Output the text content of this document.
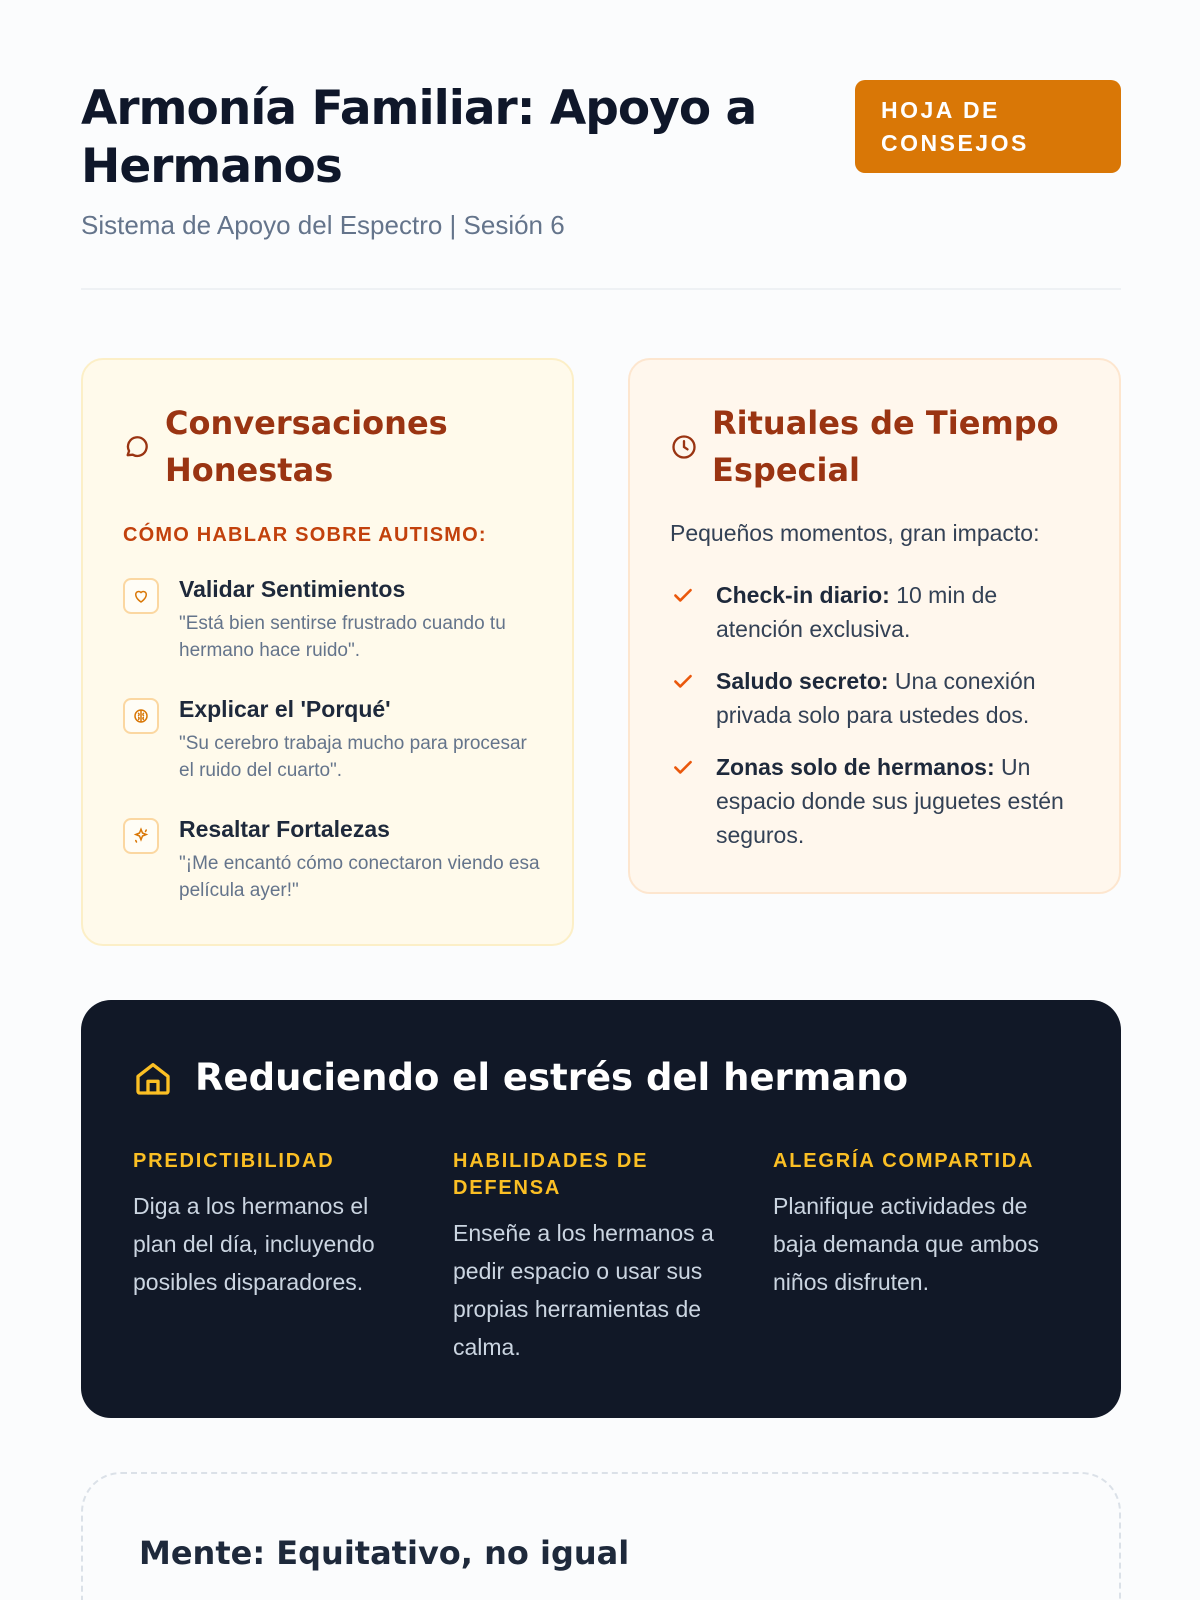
Armonía Familiar: Apoyo a Hermanos
Sistema de Apoyo del Espectro | Sesión 6
HOJA DE CONSEJOS
Conversaciones Honestas
CÓMO HABLAR SOBRE AUTISMO:
Validar Sentimientos
"Está bien sentirse frustrado cuando tu hermano hace ruido".
Explicar el 'Porqué'
"Su cerebro trabaja mucho para procesar el ruido del cuarto".
Resaltar Fortalezas
"¡Me encantó cómo conectaron viendo esa película ayer!"
Rituales de Tiempo Especial
Pequeños momentos, gran impacto:

Check-in diario: 10 min de atención exclusiva.

Saludo secreto: Una conexión privada solo para ustedes dos.

Zonas solo de hermanos: Un espacio donde sus juguetes estén seguros.

Reduciendo el estrés del hermano
PREDICTIBILIDAD
Diga a los hermanos el plan del día, incluyendo posibles disparadores.
HABILIDADES DE DEFENSA
Enseñe a los hermanos a pedir espacio o usar sus propias herramientas de calma.
ALEGRÍA COMPARTIDA
Planifique actividades de baja demanda que ambos niños disfruten.
Mente: Equitativo, no igual
